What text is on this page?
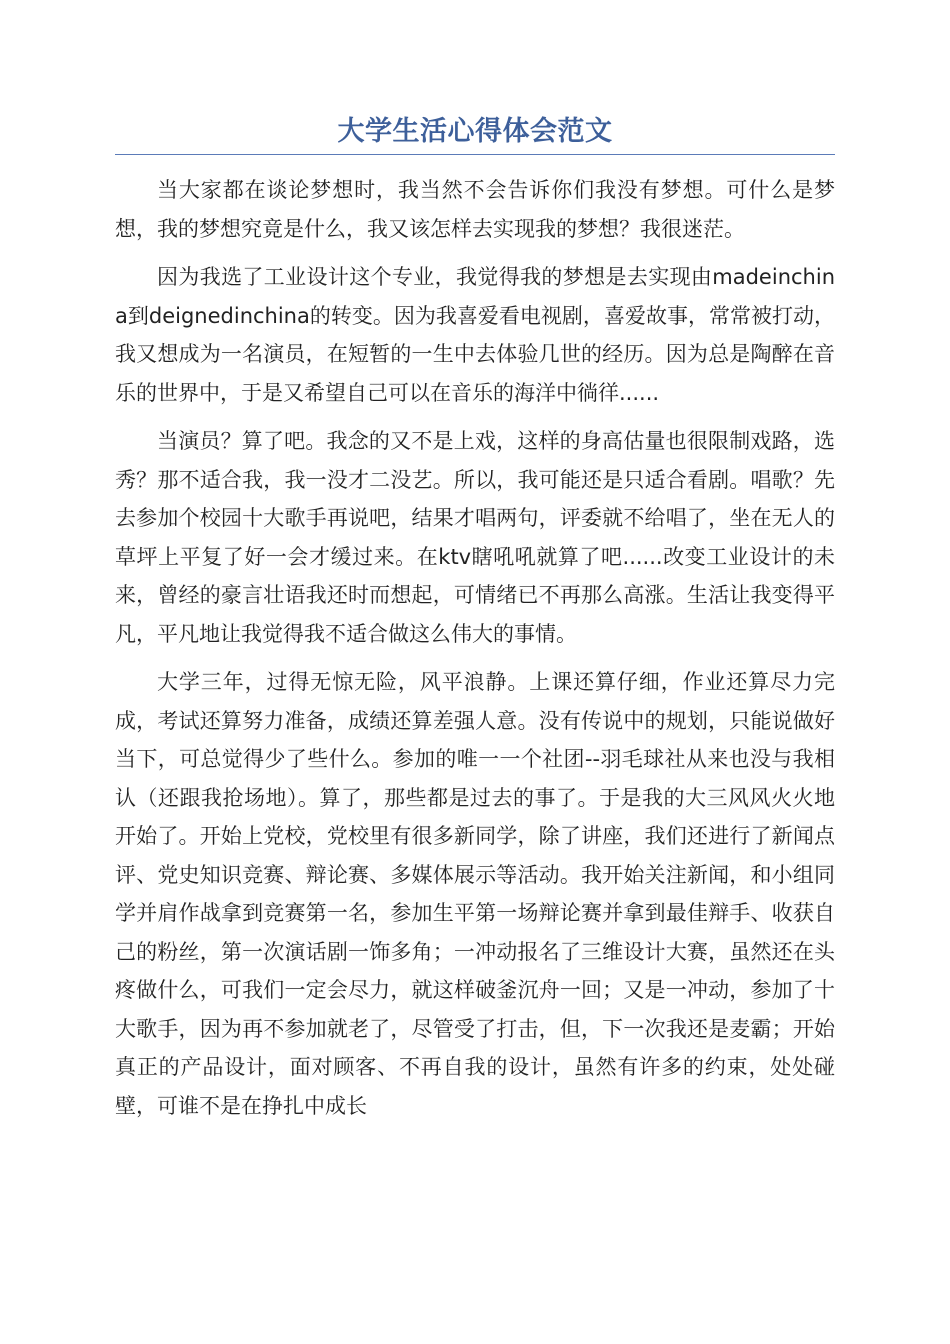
大学生活心得体会范文

当大家都在谈论梦想时，我当然不会告诉你们我没有梦想。可什么是梦想，我的梦想究竟是什么，我又该怎样去实现我的梦想？我很迷茫。

因为我选了工业设计这个专业，我觉得我的梦想是去实现由madeinchina到deignedinchina的转变。因为我喜爱看电视剧，喜爱故事，常常被打动，我又想成为一名演员，在短暂的一生中去体验几世的经历。因为总是陶醉在音乐的世界中，于是又希望自己可以在音乐的海洋中徜徉......

当演员？算了吧。我念的又不是上戏，这样的身高估量也很限制戏路，选秀？那不适合我，我一没才二没艺。所以，我可能还是只适合看剧。唱歌？先去参加个校园十大歌手再说吧，结果才唱两句，评委就不给唱了，坐在无人的草坪上平复了好一会才缓过来。在ktv瞎吼吼就算了吧......改变工业设计的未来，曾经的豪言壮语我还时而想起，可情绪已不再那么高涨。生活让我变得平凡，平凡地让我觉得我不适合做这么伟大的事情。

大学三年，过得无惊无险，风平浪静。上课还算仔细，作业还算尽力完成，考试还算努力准备，成绩还算差强人意。没有传说中的规划，只能说做好当下，可总觉得少了些什么。参加的唯一一个社团--羽毛球社从来也没与我相认（还跟我抢场地）。算了，那些都是过去的事了。于是我的大三风风火火地开始了。开始上党校，党校里有很多新同学，除了讲座，我们还进行了新闻点评、党史知识竞赛、辩论赛、多媒体展示等活动。我开始关注新闻，和小组同学并肩作战拿到竞赛第一名，参加生平第一场辩论赛并拿到最佳辩手、收获自己的粉丝，第一次演话剧一饰多角；一冲动报名了三维设计大赛，虽然还在头疼做什么，可我们一定会尽力，就这样破釜沉舟一回；又是一冲动，参加了十大歌手，因为再不参加就老了，尽管受了打击，但，下一次我还是麦霸；开始真正的产品设计，面对顾客、不再自我的设计，虽然有许多的约束，处处碰壁，可谁不是在挣扎中成长
